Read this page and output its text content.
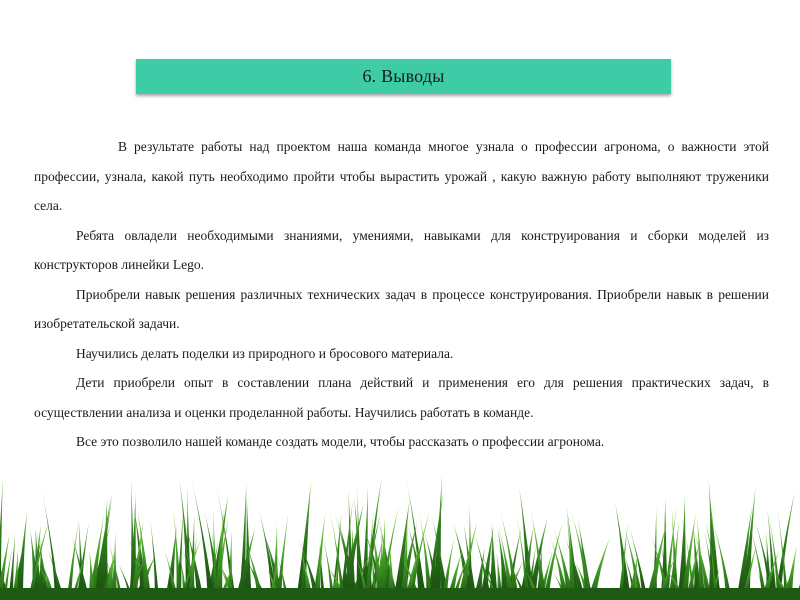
6. Выводы

В результате работы над проектом наша команда многое узнала о профессии агронома, о важности этой профессии, узнала, какой путь необходимо пройти чтобы вырастить урожай , какую важную работу выполняют труженики села.

Ребята овладели необходимыми знаниями, умениями, навыками для конструирования и сборки моделей из конструкторов линейки Lego.

Приобрели навык решения различных технических задач в процессе конструирования. Приобрели навык в решении изобретательской задачи.

Научились делать поделки из природного и бросового материала.

Дети приобрели опыт в составлении плана действий и применения его для решения практических задач, в осуществлении анализа и оценки проделанной работы. Научились работать в команде.

Все это позволило нашей команде создать модели, чтобы рассказать о профессии агронома.
